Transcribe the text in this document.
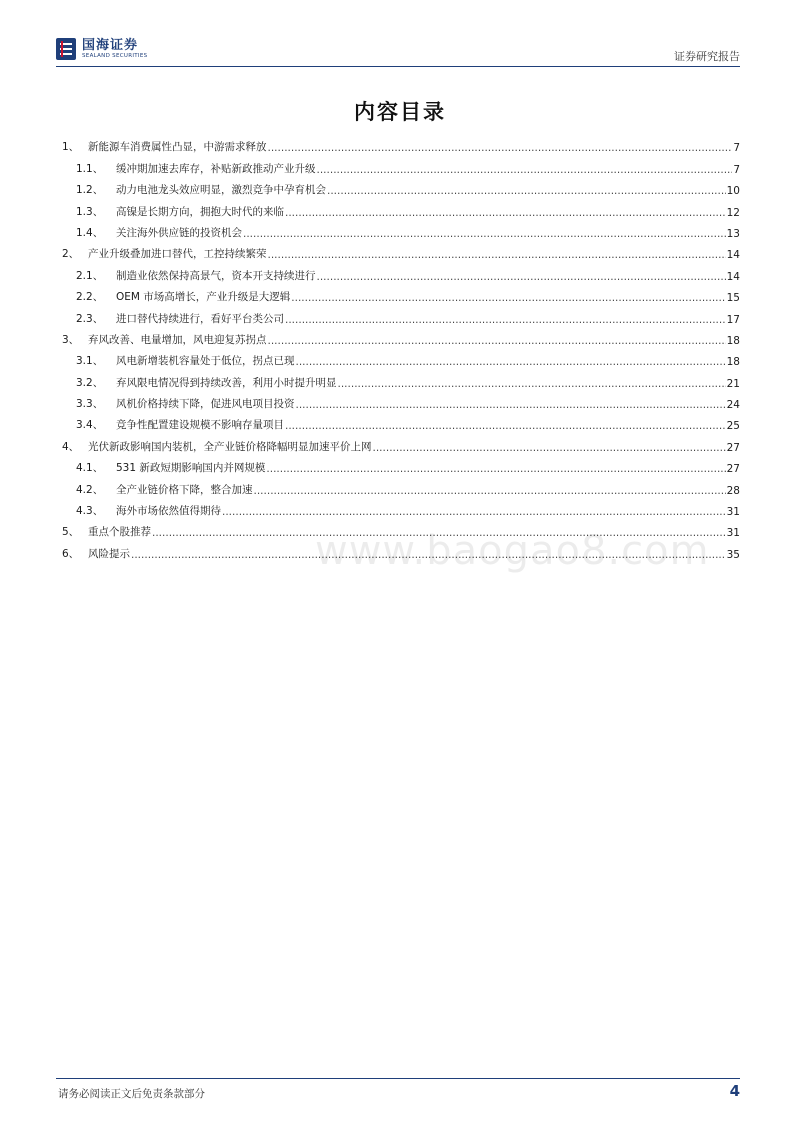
国海证券
SEALAND SECURITIES	证券研究报告
内容目录
1、 新能源车消费属性凸显，中游需求释放 .....	7
1.1、	缓冲期加速去库存，补贴新政推动产业升级 .....	7
1.2、	动力电池龙头效应明显，激烈竞争中孕育机会 .....	10
1.3、	高镍是长期方向，拥抱大时代的来临 .....	12
1.4、	关注海外供应链的投资机会 .....	13
2、 产业升级叠加进口替代，工控持续繁荣 .....	14
2.1、	制造业依然保持高景气，资本开支持续进行 .....	14
2.2、	OEM 市场高增长，产业升级是大逻辑 .....	15
2.3、	进口替代持续进行，看好平台类公司 .....	17
3、 弃风改善、电量增加，风电迎复苏拐点 .....	18
3.1、	风电新增装机容量处于低位，拐点已现 .....	18
3.2、	弃风限电情况得到持续改善，利用小时提升明显 .....	21
3.3、	风机价格持续下降，促进风电项目投资 .....	24
3.4、	竞争性配置建设规模不影响存量项目 .....	25
4、 光伏新政影响国内装机，全产业链价格降幅明显加速平价上网 .....	27
4.1、	531 新政短期影响国内并网规模 .....	27
4.2、	全产业链价格下降，整合加速 .....	28
4.3、	海外市场依然值得期待 .....	31
5、 重点个股推荐 .....	31
6、 风险提示 .....	35
www.baogao8.com
请务必阅读正文后免责条款部分	4
